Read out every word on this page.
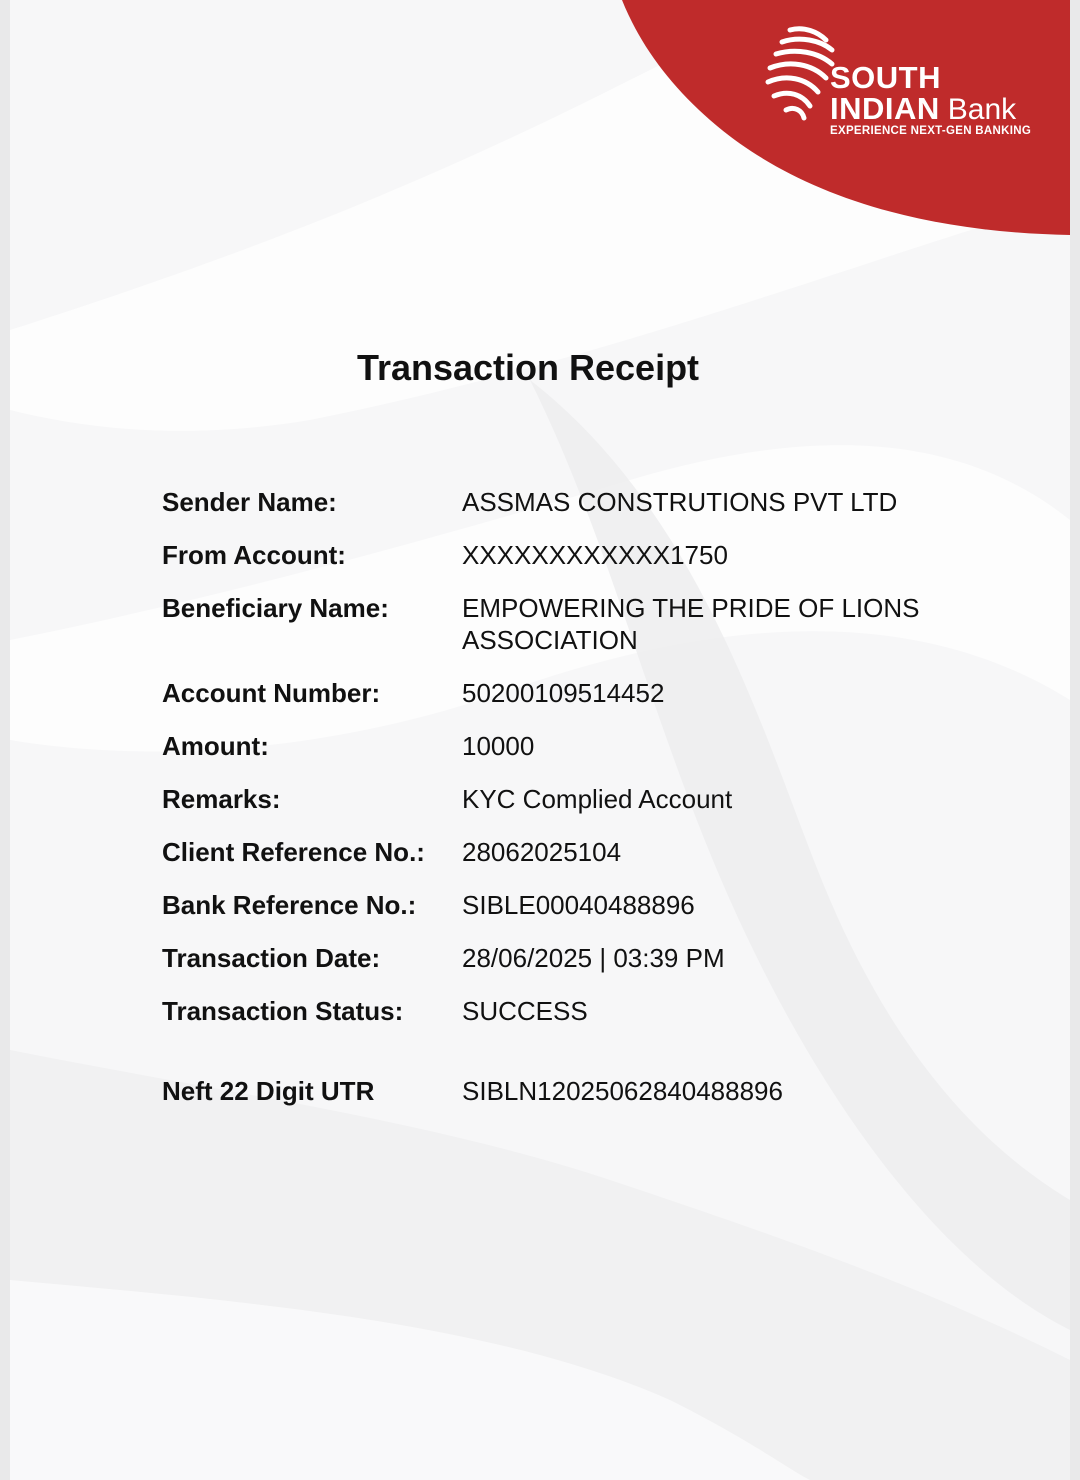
SOUTH
INDIAN Bank
EXPERIENCE NEXT-GEN BANKING
Transaction Receipt
Sender Name:	ASSMAS CONSTRUTIONS PVT LTD
From Account:	XXXXXXXXXXXX1750
Beneficiary Name:	EMPOWERING THE PRIDE OF LIONS ASSOCIATION
Account Number:	50200109514452
Amount:	10000
Remarks:	KYC Complied Account
Client Reference No.:	28062025104
Bank Reference No.:	SIBLE00040488896
Transaction Date:	28/06/2025 | 03:39 PM
Transaction Status:	SUCCESS
Neft 22 Digit UTR	SIBLN12025062840488896
